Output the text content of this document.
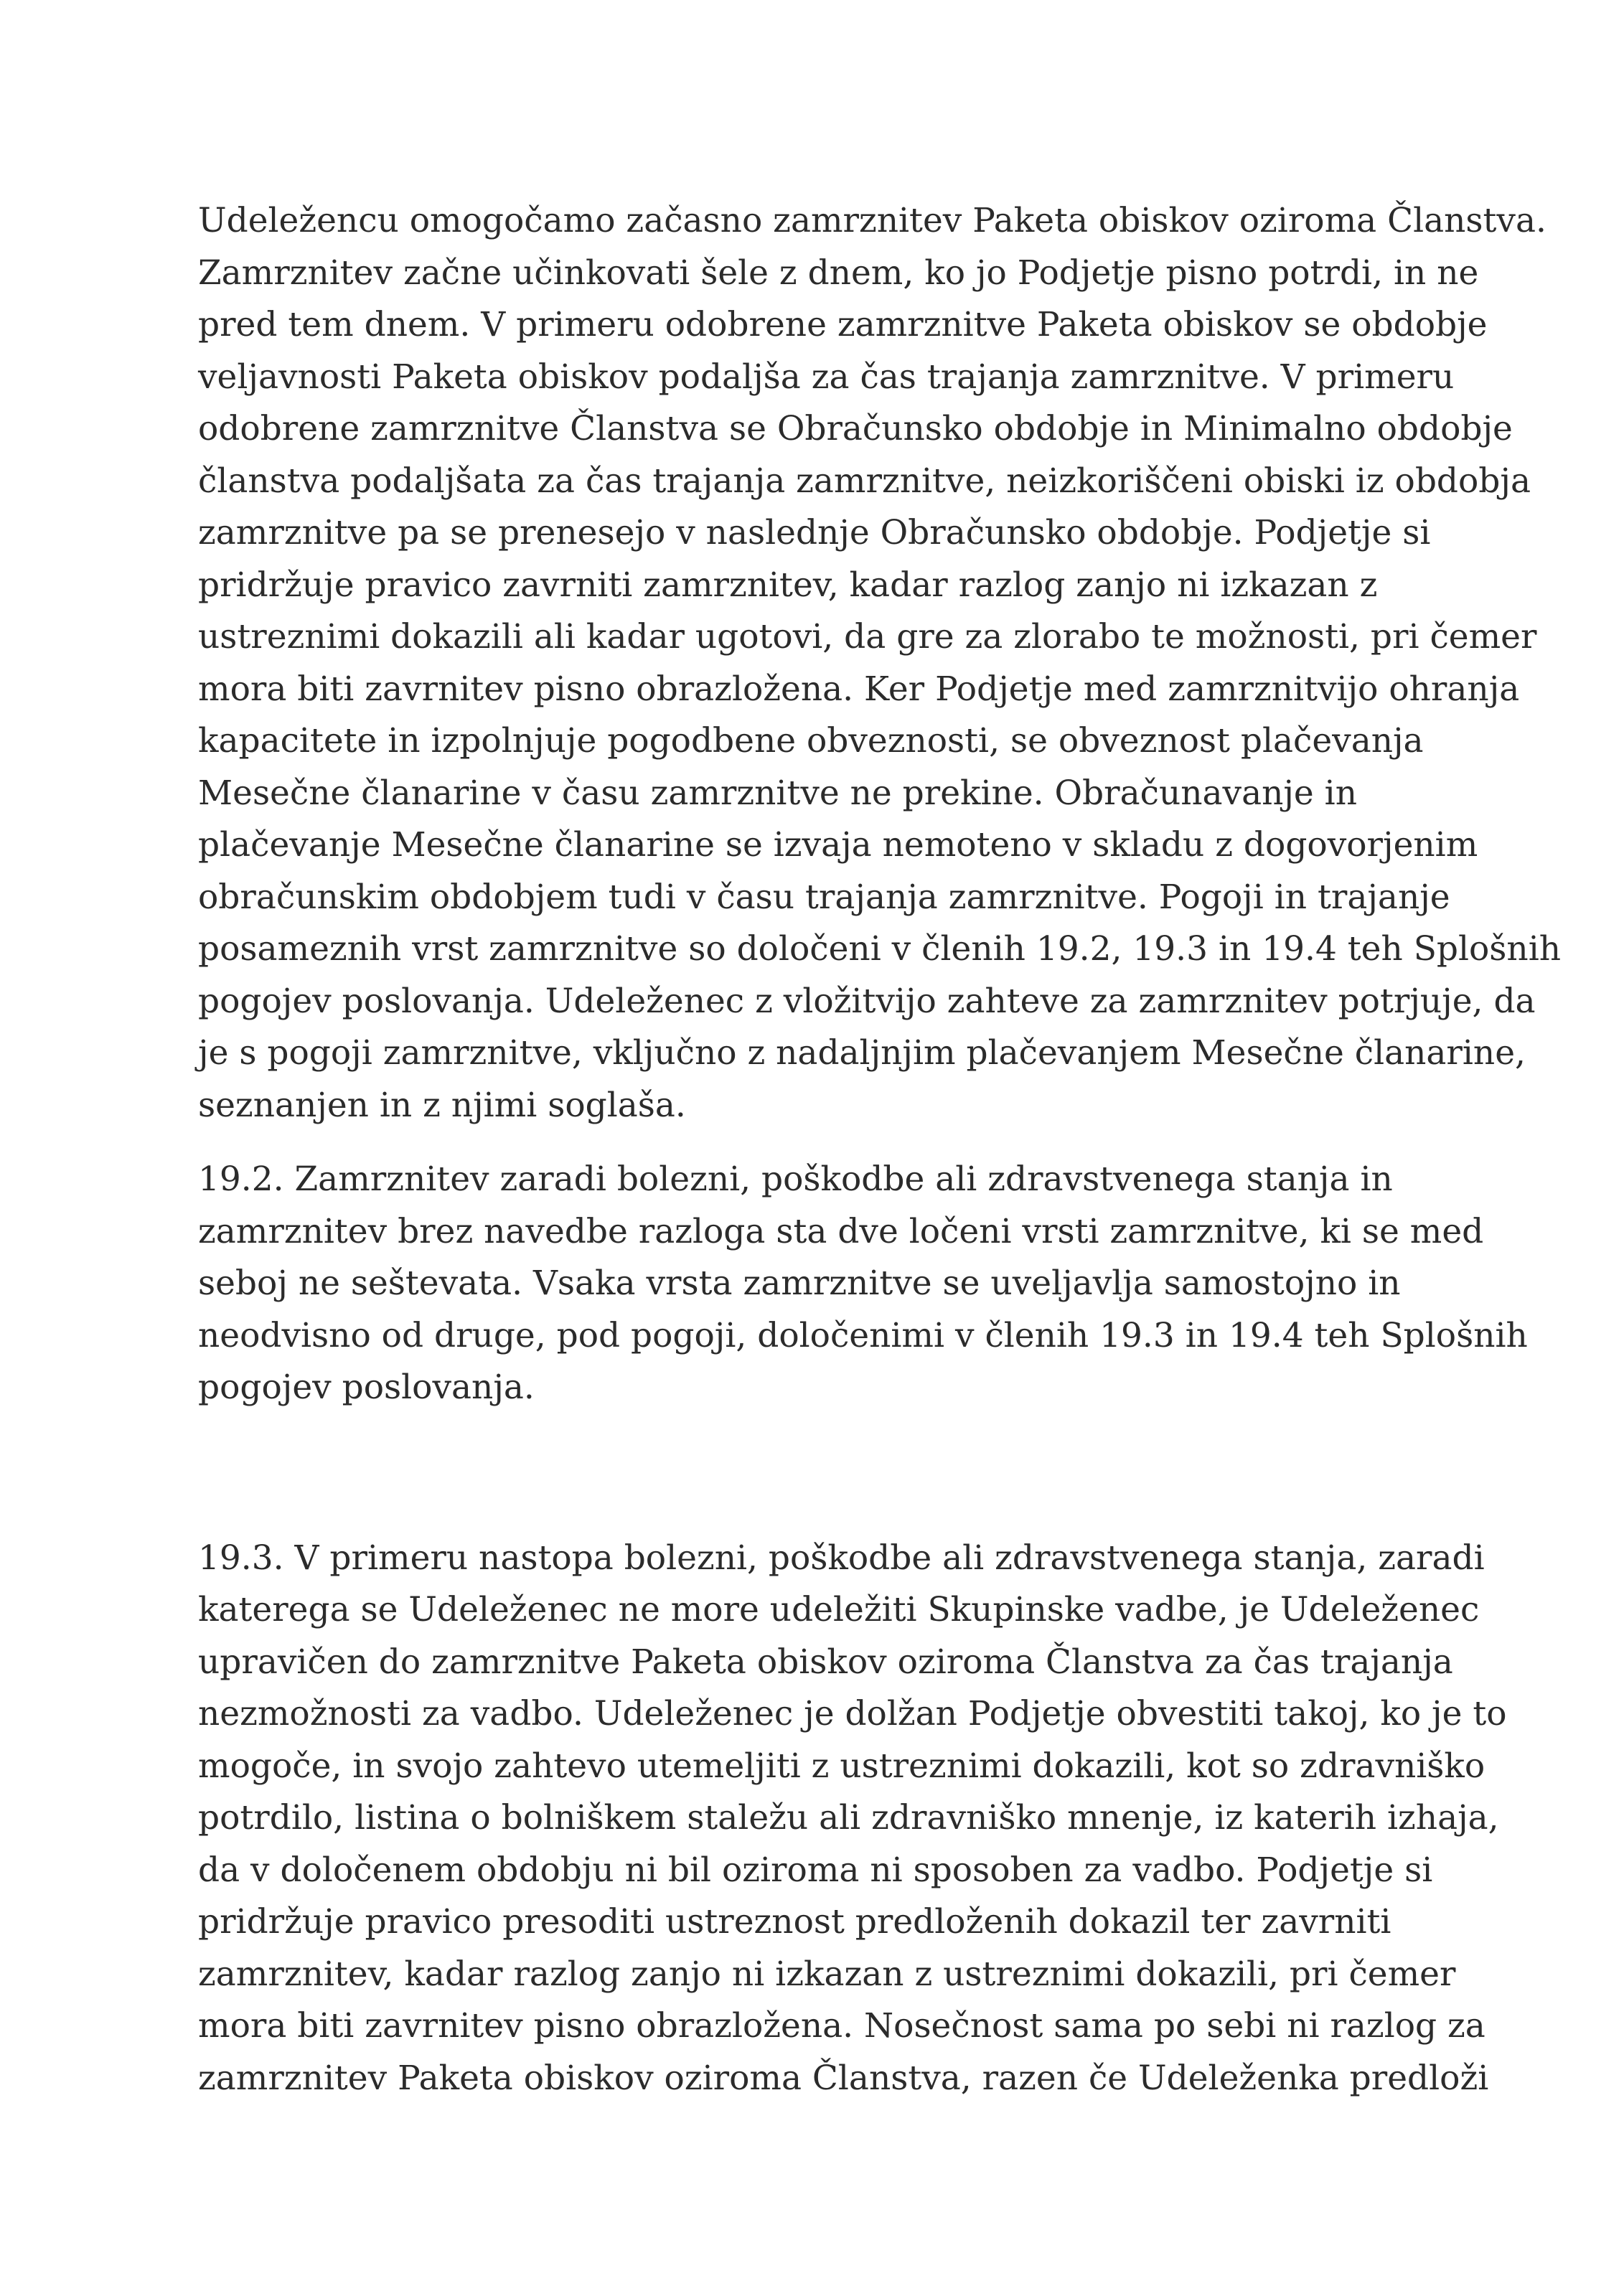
Udeležencu omogočamo začasno zamrznitev Paketa obiskov oziroma Članstva.
Zamrznitev začne učinkovati šele z dnem, ko jo Podjetje pisno potrdi, in ne
pred tem dnem. V primeru odobrene zamrznitve Paketa obiskov se obdobje
veljavnosti Paketa obiskov podaljša za čas trajanja zamrznitve. V primeru
odobrene zamrznitve Članstva se Obračunsko obdobje in Minimalno obdobje
članstva podaljšata za čas trajanja zamrznitve, neizkoriščeni obiski iz obdobja
zamrznitve pa se prenesejo v naslednje Obračunsko obdobje. Podjetje si
pridržuje pravico zavrniti zamrznitev, kadar razlog zanjo ni izkazan z
ustreznimi dokazili ali kadar ugotovi, da gre za zlorabo te možnosti, pri čemer
mora biti zavrnitev pisno obrazložena. Ker Podjetje med zamrznitvijo ohranja
kapacitete in izpolnjuje pogodbene obveznosti, se obveznost plačevanja
Mesečne članarine v času zamrznitve ne prekine. Obračunavanje in
plačevanje Mesečne članarine se izvaja nemoteno v skladu z dogovorjenim
obračunskim obdobjem tudi v času trajanja zamrznitve. Pogoji in trajanje
posameznih vrst zamrznitve so določeni v členih 19.2, 19.3 in 19.4 teh Splošnih
pogojev poslovanja. Udeleženec z vložitvijo zahteve za zamrznitev potrjuje, da
je s pogoji zamrznitve, vključno z nadaljnjim plačevanjem Mesečne članarine,
seznanjen in z njimi soglaša.

19.2. Zamrznitev zaradi bolezni, poškodbe ali zdravstvenega stanja in
zamrznitev brez navedbe razloga sta dve ločeni vrsti zamrznitve, ki se med
seboj ne seštevata. Vsaka vrsta zamrznitve se uveljavlja samostojno in
neodvisno od druge, pod pogoji, določenimi v členih 19.3 in 19.4 teh Splošnih
pogojev poslovanja.

19.3. V primeru nastopa bolezni, poškodbe ali zdravstvenega stanja, zaradi
katerega se Udeleženec ne more udeležiti Skupinske vadbe, je Udeleženec
upravičen do zamrznitve Paketa obiskov oziroma Članstva za čas trajanja
nezmožnosti za vadbo. Udeleženec je dolžan Podjetje obvestiti takoj, ko je to
mogoče, in svojo zahtevo utemeljiti z ustreznimi dokazili, kot so zdravniško
potrdilo, listina o bolniškem staležu ali zdravniško mnenje, iz katerih izhaja,
da v določenem obdobju ni bil oziroma ni sposoben za vadbo. Podjetje si
pridržuje pravico presoditi ustreznost predloženih dokazil ter zavrniti
zamrznitev, kadar razlog zanjo ni izkazan z ustreznimi dokazili, pri čemer
mora biti zavrnitev pisno obrazložena. Nosečnost sama po sebi ni razlog za
zamrznitev Paketa obiskov oziroma Članstva, razen če Udeleženka predloži
